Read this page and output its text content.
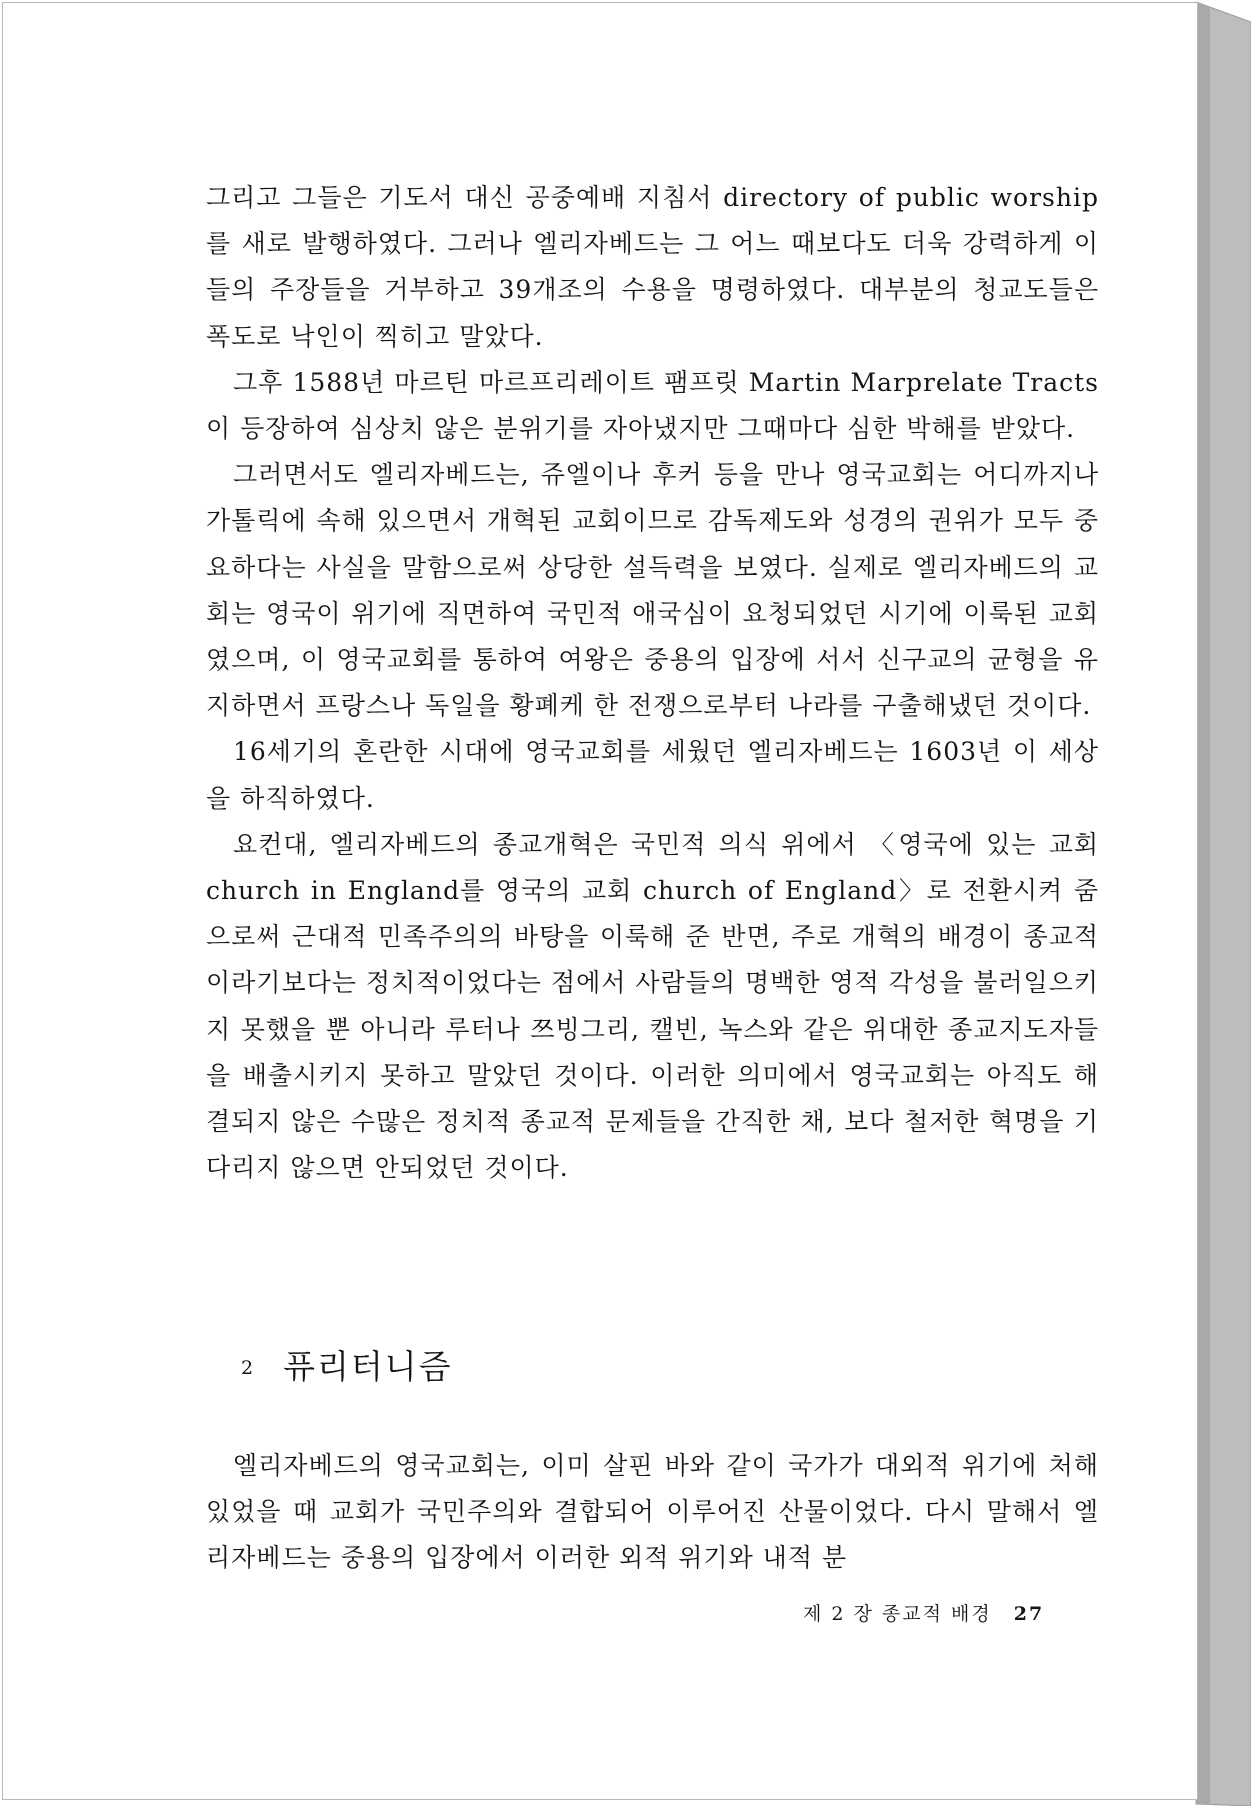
그리고 그들은 기도서 대신 공중예배 지침서 directory of public worship를 새로 발행하였다. 그러나 엘리자베드는 그 어느 때보다도 더욱 강력하게 이들의 주장들을 거부하고 39개조의 수용을 명령하였다. 대부분의 청교도들은 폭도로 낙인이 찍히고 말았다.

그후 1588년 마르틴 마르프리레이트 팸프릿 Martin Marprelate Tracts이 등장하여 심상치 않은 분위기를 자아냈지만 그때마다 심한 박해를 받았다.

그러면서도 엘리자베드는, 쥬엘이나 후커 등을 만나 영국교회는 어디까지나 가톨릭에 속해 있으면서 개혁된 교회이므로 감독제도와 성경의 권위가 모두 중요하다는 사실을 말함으로써 상당한 설득력을 보였다. 실제로 엘리자베드의 교회는 영국이 위기에 직면하여 국민적 애국심이 요청되었던 시기에 이룩된 교회였으며, 이 영국교회를 통하여 여왕은 중용의 입장에 서서 신구교의 균형을 유지하면서 프랑스나 독일을 황폐케 한 전쟁으로부터 나라를 구출해냈던 것이다.

16세기의 혼란한 시대에 영국교회를 세웠던 엘리자베드는 1603년 이 세상을 하직하였다.

요컨대, 엘리자베드의 종교개혁은 국민적 의식 위에서 〈영국에 있는 교회 church in England를 영국의 교회 church of England〉로 전환시켜 줌으로써 근대적 민족주의의 바탕을 이룩해 준 반면, 주로 개혁의 배경이 종교적이라기보다는 정치적이었다는 점에서 사람들의 명백한 영적 각성을 불러일으키지 못했을 뿐 아니라 루터나 쯔빙그리, 캘빈, 녹스와 같은 위대한 종교지도자들을 배출시키지 못하고 말았던 것이다. 이러한 의미에서 영국교회는 아직도 해결되지 않은 수많은 정치적 종교적 문제들을 간직한 채, 보다 철저한 혁명을 기다리지 않으면 안되었던 것이다.

2 퓨리터니즘

엘리자베드의 영국교회는, 이미 살핀 바와 같이 국가가 대외적 위기에 처해 있었을 때 교회가 국민주의와 결합되어 이루어진 산물이었다. 다시 말해서 엘리자베드는 중용의 입장에서 이러한 외적 위기와 내적 분

제 2 장 종교적 배경 27
